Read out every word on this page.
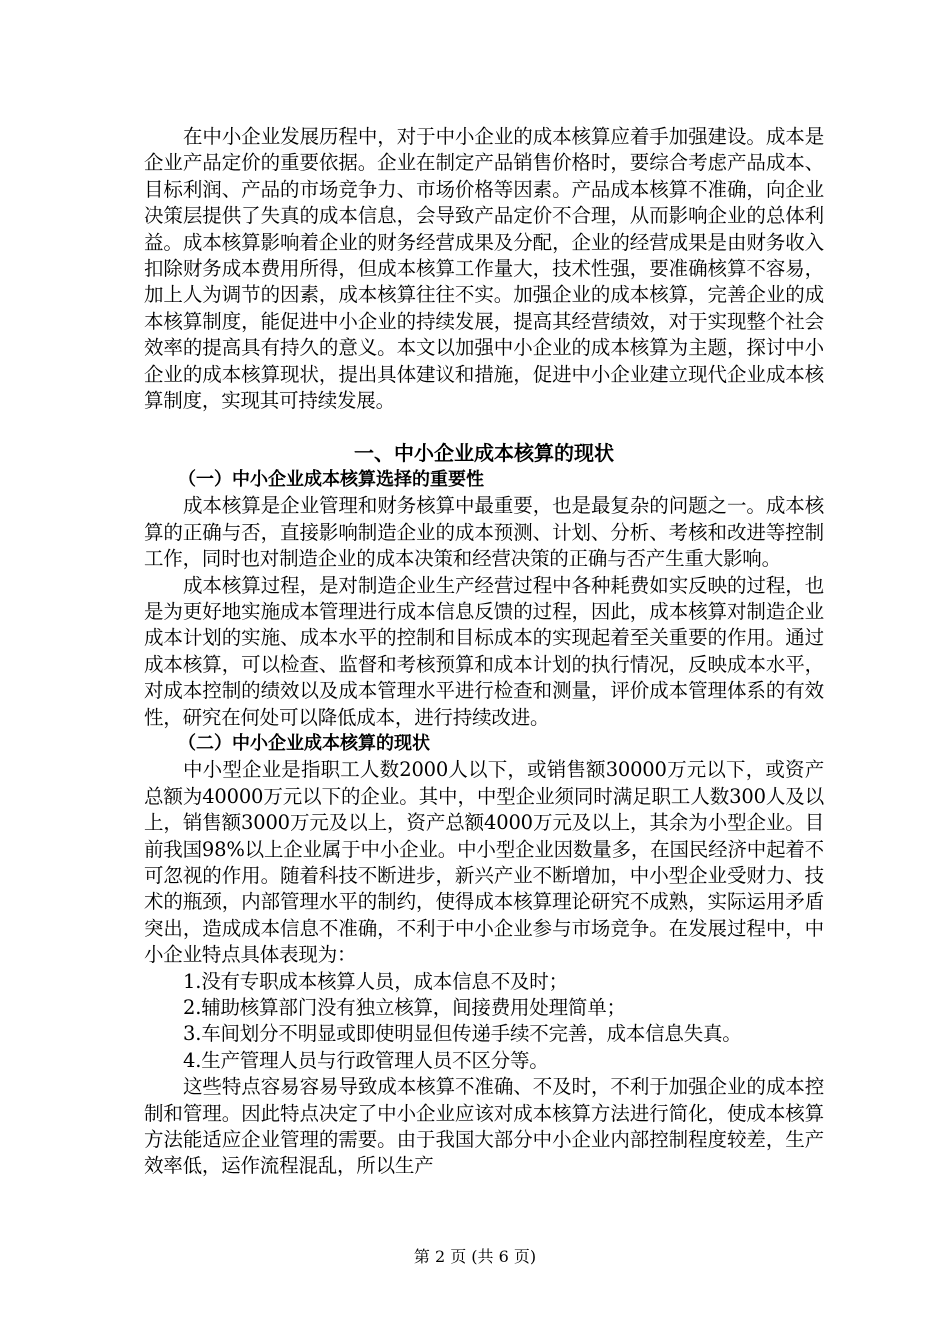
在中小企业发展历程中，对于中小企业的成本核算应着手加强建设。成本是企业产品定价的重要依据。企业在制定产品销售价格时，要综合考虑产品成本、目标利润、产品的市场竞争力、市场价格等因素。产品成本核算不准确，向企业决策层提供了失真的成本信息，会导致产品定价不合理，从而影响企业的总体利益。成本核算影响着企业的财务经营成果及分配，企业的经营成果是由财务收入扣除财务成本费用所得，但成本核算工作量大，技术性强，要准确核算不容易，加上人为调节的因素，成本核算往往不实。加强企业的成本核算，完善企业的成本核算制度，能促进中小企业的持续发展，提高其经营绩效，对于实现整个社会效率的提高具有持久的意义。本文以加强中小企业的成本核算为主题，探讨中小企业的成本核算现状，提出具体建议和措施，促进中小企业建立现代企业成本核算制度，实现其可持续发展。

一、中小企业成本核算的现状
（一）中小企业成本核算选择的重要性

成本核算是企业管理和财务核算中最重要，也是最复杂的问题之一。成本核算的正确与否，直接影响制造企业的成本预测、计划、分析、考核和改进等控制工作，同时也对制造企业的成本决策和经营决策的正确与否产生重大影响。

成本核算过程，是对制造企业生产经营过程中各种耗费如实反映的过程，也是为更好地实施成本管理进行成本信息反馈的过程，因此，成本核算对制造企业成本计划的实施、成本水平的控制和目标成本的实现起着至关重要的作用。通过成本核算，可以检查、监督和考核预算和成本计划的执行情况，反映成本水平，对成本控制的绩效以及成本管理水平进行检查和测量，评价成本管理体系的有效性，研究在何处可以降低成本，进行持续改进。

（二）中小企业成本核算的现状

中小型企业是指职工人数2000人以下，或销售额30000万元以下，或资产总额为40000万元以下的企业。其中，中型企业须同时满足职工人数300人及以上，销售额3000万元及以上，资产总额4000万元及以上，其余为小型企业。目前我国98%以上企业属于中小企业。中小型企业因数量多，在国民经济中起着不可忽视的作用。随着科技不断进步，新兴产业不断增加，中小型企业受财力、技术的瓶颈，内部管理水平的制约，使得成本核算理论研究不成熟，实际运用矛盾突出，造成成本信息不准确，不利于中小企业参与市场竞争。在发展过程中，中小企业特点具体表现为：

1.没有专职成本核算人员，成本信息不及时；

2.辅助核算部门没有独立核算，间接费用处理简单；

3.车间划分不明显或即使明显但传递手续不完善，成本信息失真。

4.生产管理人员与行政管理人员不区分等。

这些特点容易容易导致成本核算不准确、不及时，不利于加强企业的成本控制和管理。因此特点决定了中小企业应该对成本核算方法进行简化，使成本核算方法能适应企业管理的需要。由于我国大部分中小企业内部控制程度较差，生产效率低，运作流程混乱，所以生产

第 2 页 (共 6 页)
